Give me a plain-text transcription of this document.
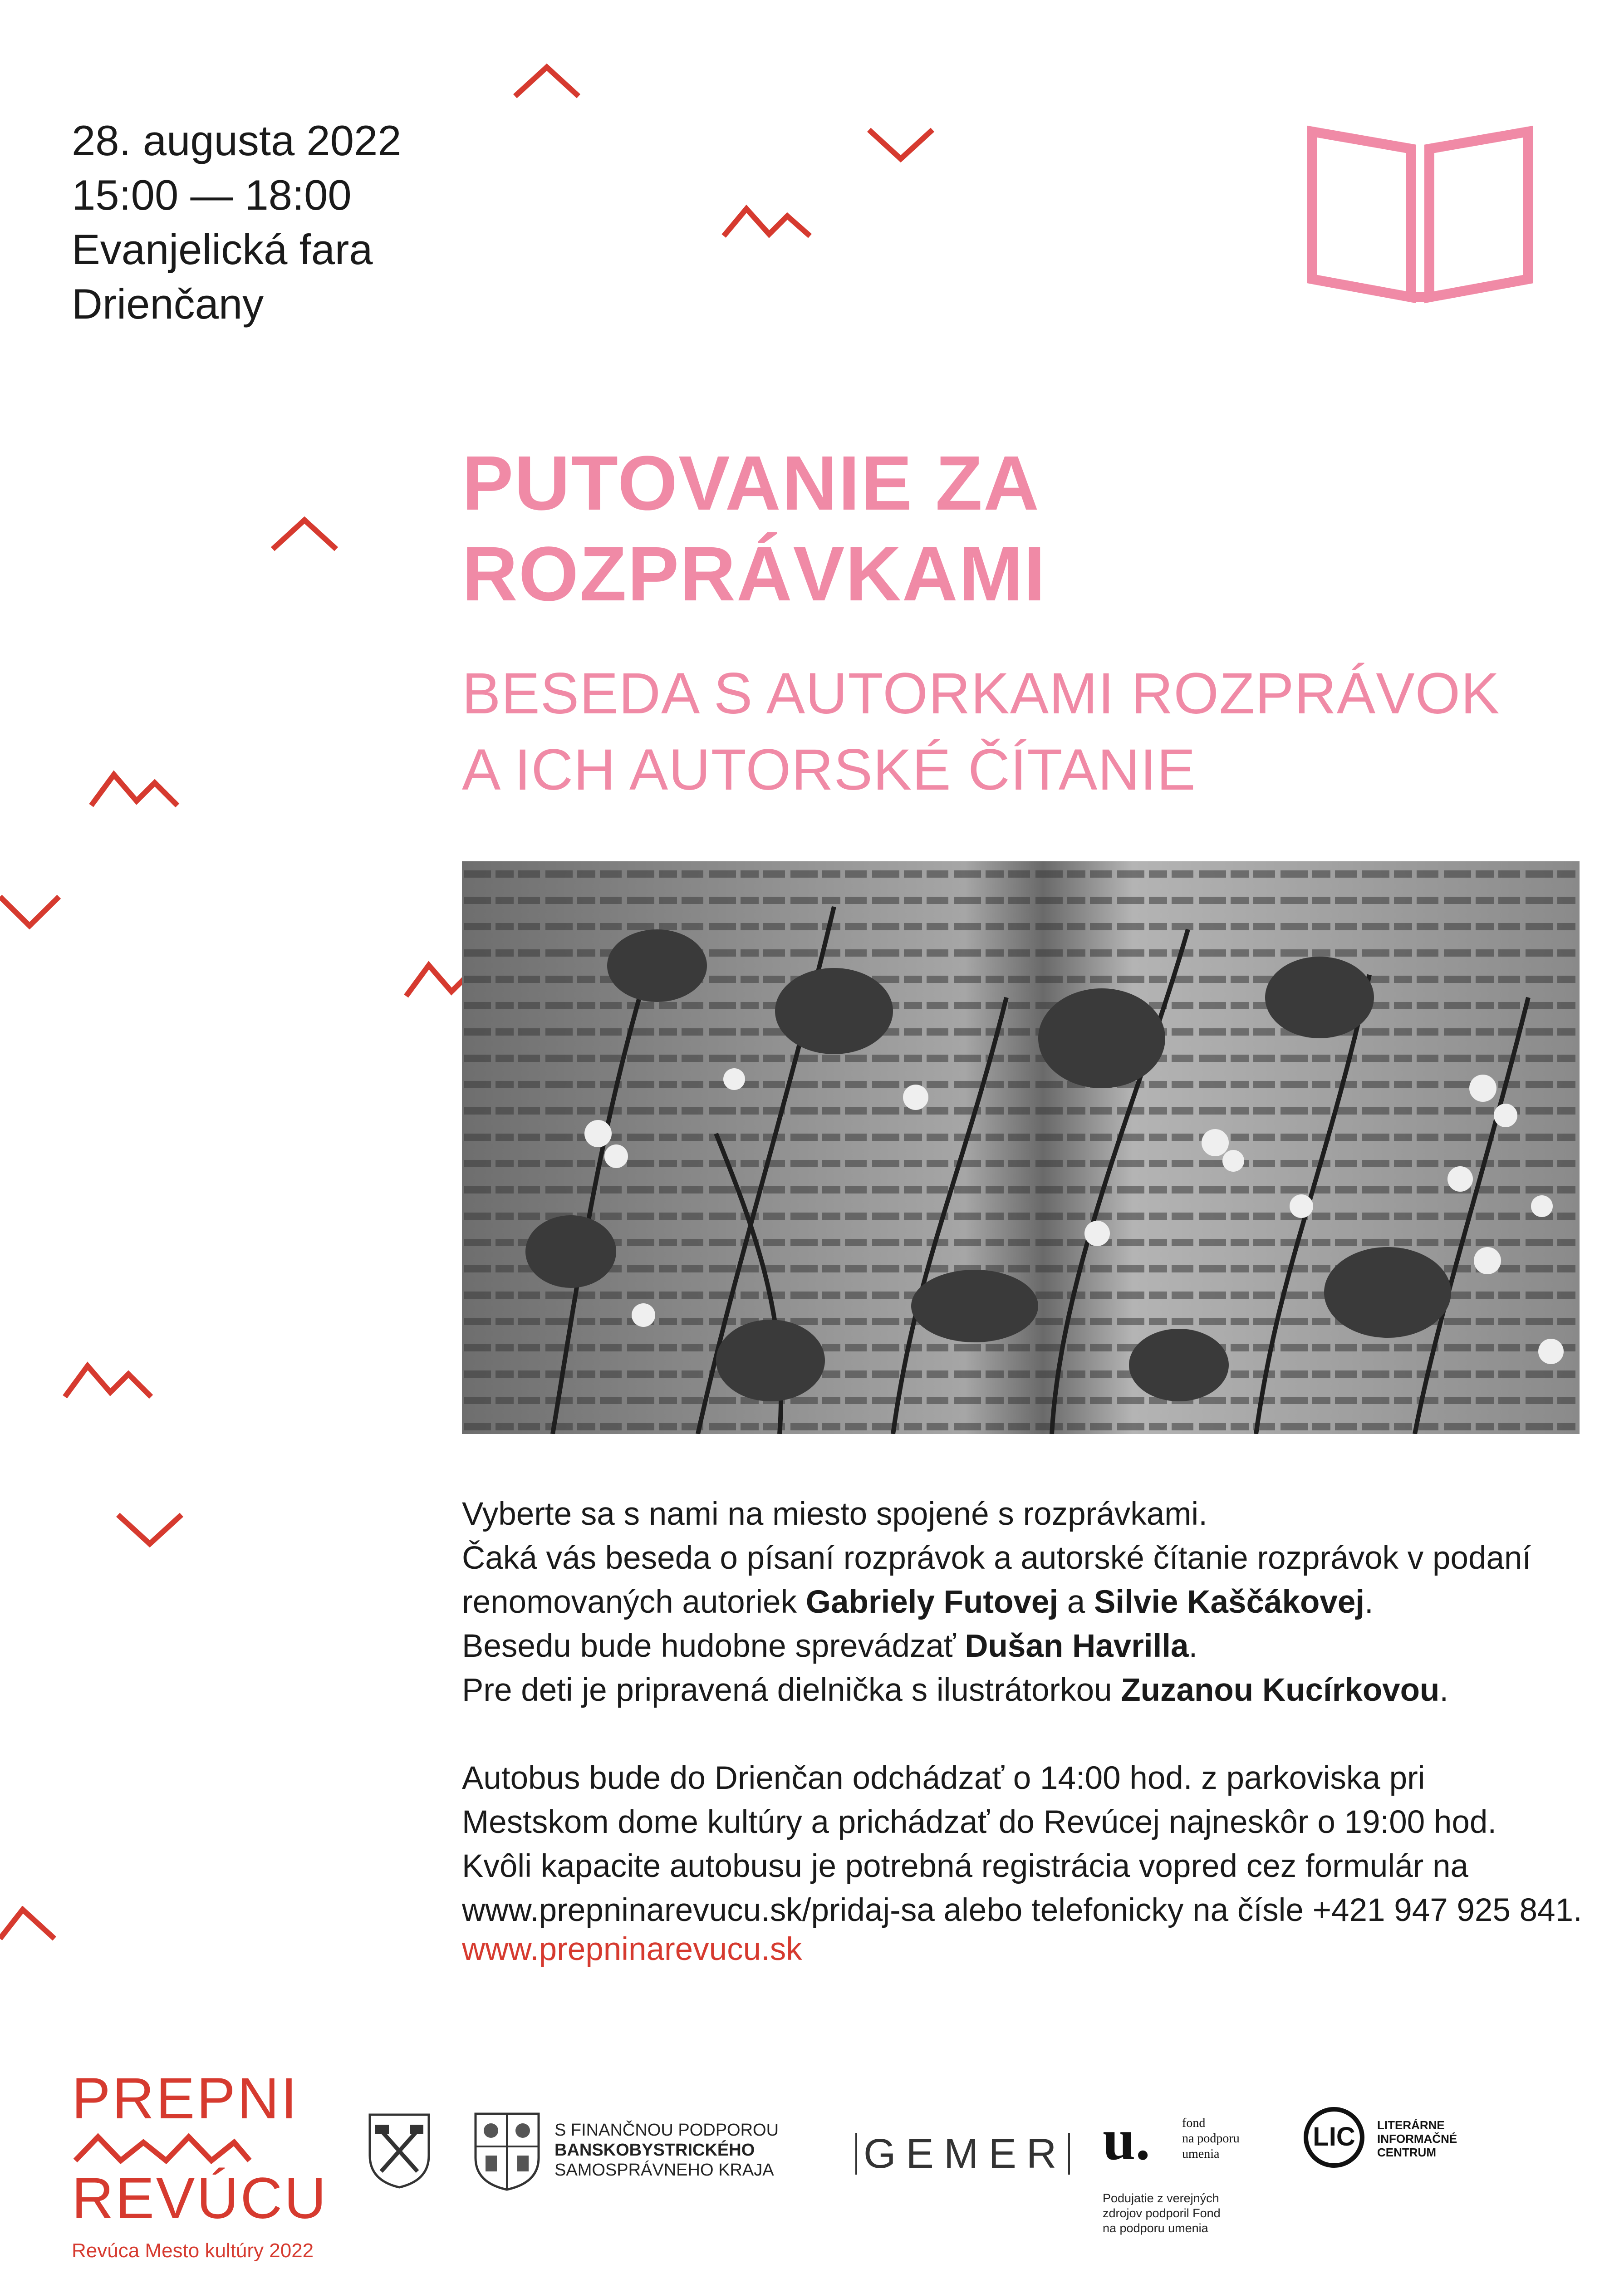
28. augusta 2022
15:00 — 18:00
Evanjelická fara
Drienčany
PUTOVANIE ZA
ROZPRÁVKAMI
BESEDA S AUTORKAMI ROZPRÁVOK
A ICH AUTORSKÉ ČÍTANIE

Vyberte sa s nami na miesto spojené s rozprávkami.
Čaká vás beseda o písaní rozprávok a autorské čítanie rozprávok v podaní
renomovaných autoriek Gabriely Futovej a Silvie Kaščákovej.
Besedu bude hudobne sprevádzať Dušan Havrilla.
Pre deti je pripravená dielnička s ilustrátorkou Zuzanou Kucírkovou.

Autobus bude do Drienčan odchádzať o 14:00 hod. z parkoviska pri
Mestskom dome kultúry a prichádzať do Revúcej najneskôr o 19:00 hod.
Kvôli kapacite autobusu je potrebná registrácia vopred cez formulár na
www.prepninarevucu.sk/pridaj-sa alebo telefonicky na čísle +421 947 925 841.

www.prepninarevucu.sk
PREPNI
REVÚCU
Revúca Mesto kultúry 2022
S FINANČNOU PODPOROU
BANSKOBYSTRICKÉHO
SAMOSPRÁVNEHO KRAJA GEMER u.	fond
na podporu
umenia
Podujatie z verejných
zdrojov podporil Fond
na podporu umenia
LIC	LITERÁRNE
INFORMAČNÉ
CENTRUM
